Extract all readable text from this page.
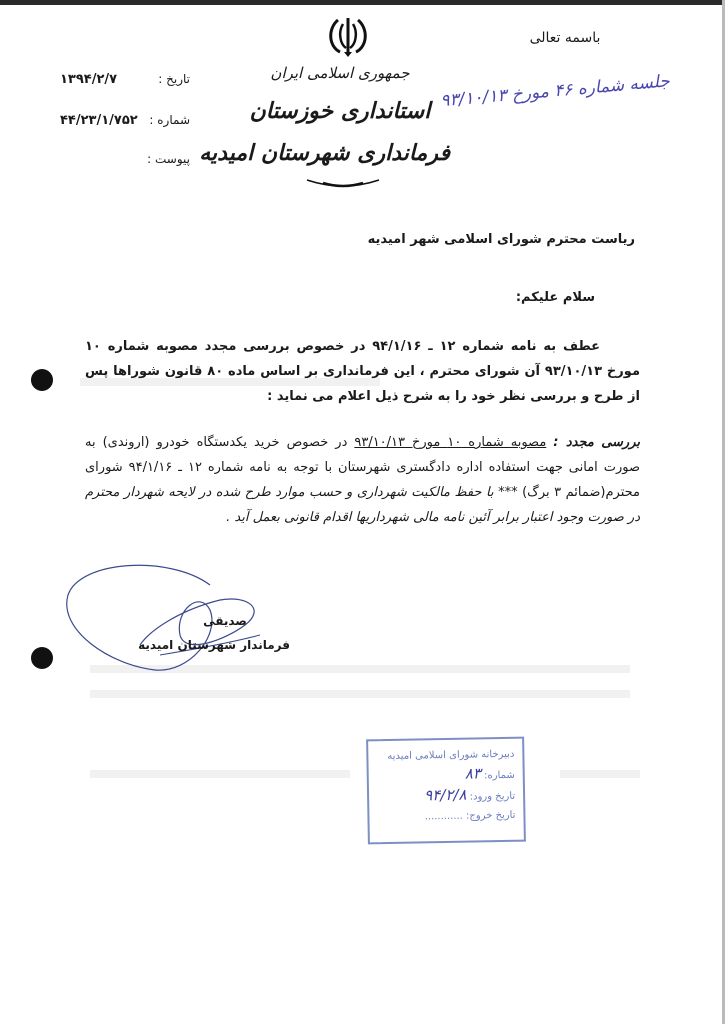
باسمه تعالی
جلسه شماره ۴۶ مورخ ۹۳/۱۰/۱۳
جمهوری اسلامی ایران
استانداری خوزستان
فرمانداری شهرستان امیدیه
تاریخ :
۱۳۹۴/۲/۷
شماره :
۴۴/۲۳/۱/۷۵۲
پیوست :
ریاست محترم شورای اسلامی شهر امیدیه
سلام علیکم:
عطف به نامه شماره ۱۲ ـ ۹۴/۱/۱۶ در خصوص بررسی مجدد مصوبه شماره ۱۰ مورخ ۹۳/۱۰/۱۳ آن شورای محترم ، این فرمانداری بر اساس ماده ۸۰ قانون شوراها پس از طرح و بررسی نظر خود را به شرح ذیل اعلام می نماید :
بررسی مجدد : مصوبه شماره ۱۰ مورخ ۹۳/۱۰/۱۳ در خصوص خرید یکدستگاه خودرو (اروندی) به صورت امانی جهت استفاده اداره دادگستری شهرستان با توجه به نامه شماره ۱۲ ـ ۹۴/۱/۱۶ شورای محترم(ضمائم ۳ برگ) *** با حفظ مالکیت شهرداری و حسب موارد طرح شده در لایحه شهردار محترم در صورت وجود اعتبار برابر آئین نامه مالی شهرداریها اقدام قانونی بعمل آید .
صدیقی
فرماندار شهرستان امیدیه
دبیرخانه شورای اسلامی امیدیه
شماره: ۸۳
تاریخ ورود: ۹۴/۲/۸
تاریخ خروج: ............
